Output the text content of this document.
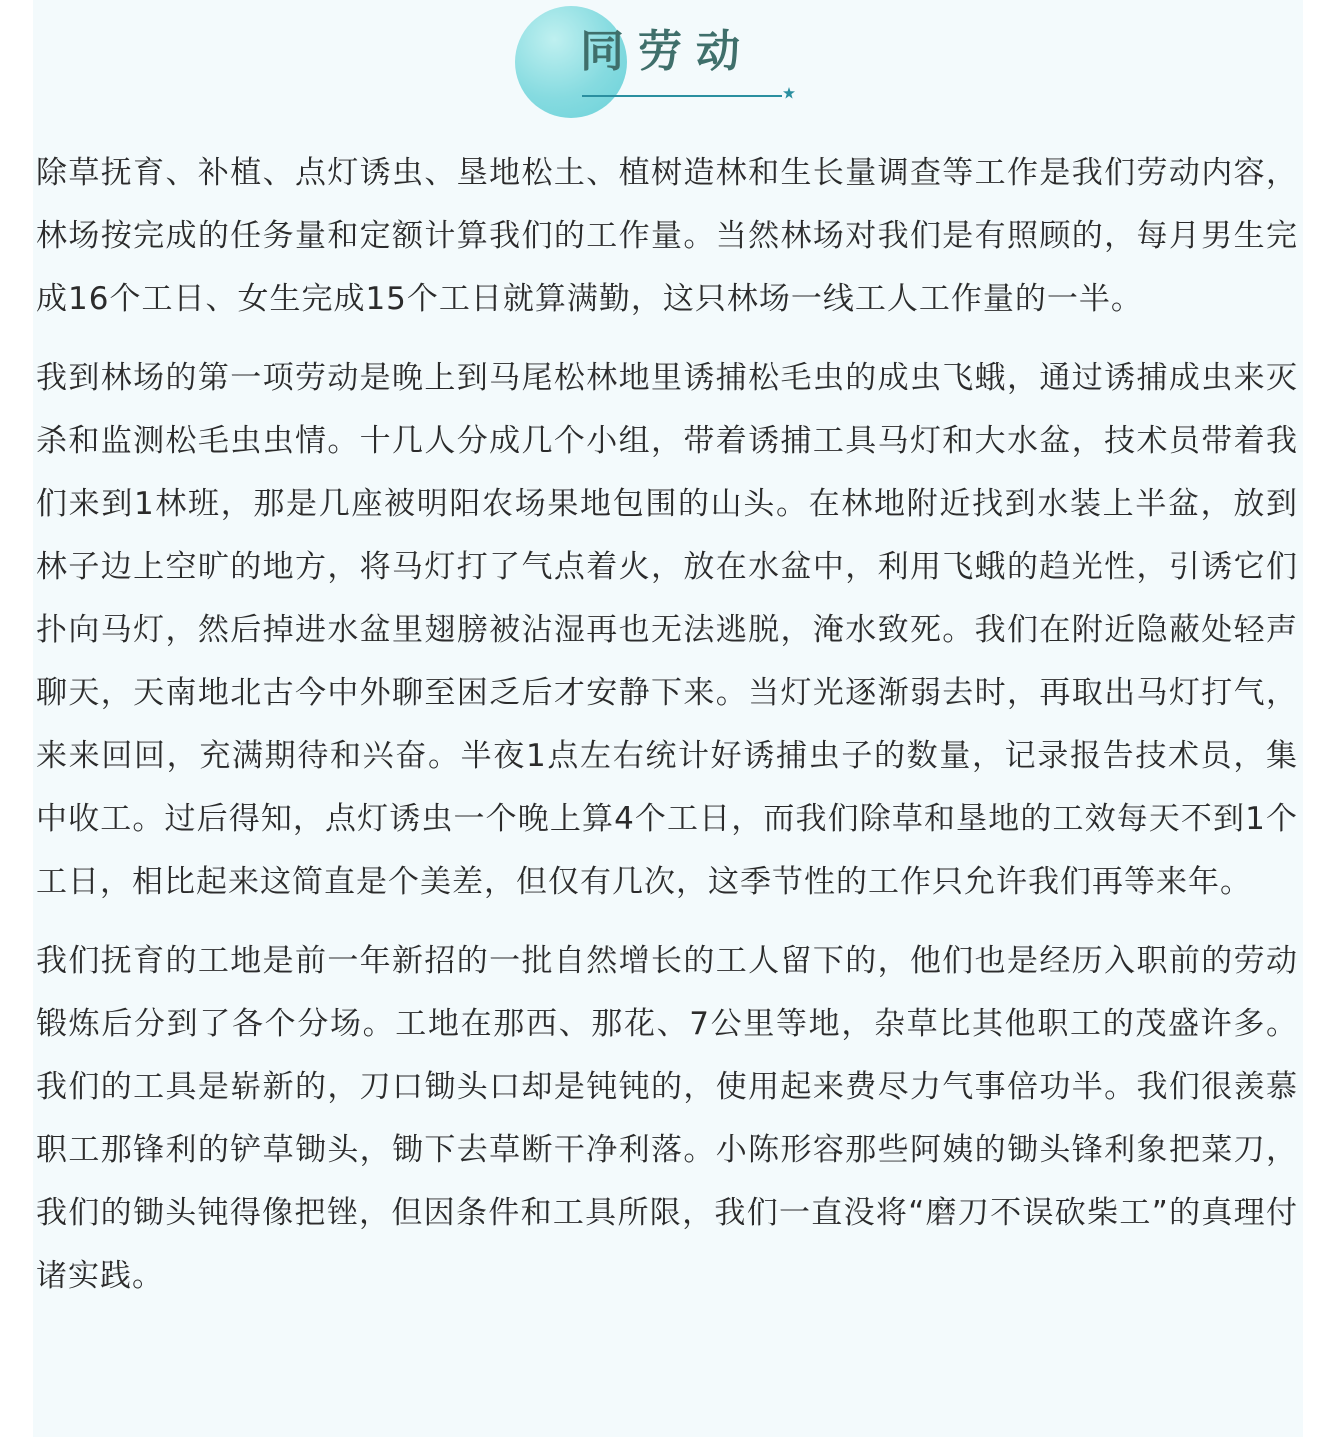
同劳动

除草抚育、补植、点灯诱虫、垦地松土、植树造林和生长量调查等工作是我们劳动内容，林场按完成的任务量和定额计算我们的工作量。当然林场对我们是有照顾的，每月男生完成16个工日、女生完成15个工日就算满勤，这只林场一线工人工作量的一半。

我到林场的第一项劳动是晚上到马尾松林地里诱捕松毛虫的成虫飞蛾，通过诱捕成虫来灭杀和监测松毛虫虫情。十几人分成几个小组，带着诱捕工具马灯和大水盆，技术员带着我们来到1林班，那是几座被明阳农场果地包围的山头。在林地附近找到水装上半盆，放到林子边上空旷的地方，将马灯打了气点着火，放在水盆中，利用飞蛾的趋光性，引诱它们扑向马灯，然后掉进水盆里翅膀被沾湿再也无法逃脱，淹水致死。我们在附近隐蔽处轻声聊天，天南地北古今中外聊至困乏后才安静下来。当灯光逐渐弱去时，再取出马灯打气，来来回回，充满期待和兴奋。半夜1点左右统计好诱捕虫子的数量，记录报告技术员，集中收工。过后得知，点灯诱虫一个晚上算4个工日，而我们除草和垦地的工效每天不到1个工日，相比起来这简直是个美差，但仅有几次，这季节性的工作只允许我们再等来年。

我们抚育的工地是前一年新招的一批自然增长的工人留下的，他们也是经历入职前的劳动锻炼后分到了各个分场。工地在那西、那花、7公里等地，杂草比其他职工的茂盛许多。我们的工具是崭新的，刀口锄头口却是钝钝的，使用起来费尽力气事倍功半。我们很羡慕职工那锋利的铲草锄头，锄下去草断干净利落。小陈形容那些阿姨的锄头锋利象把菜刀，我们的锄头钝得像把锉，但因条件和工具所限，我们一直没将“磨刀不误砍柴工”的真理付诸实践。
